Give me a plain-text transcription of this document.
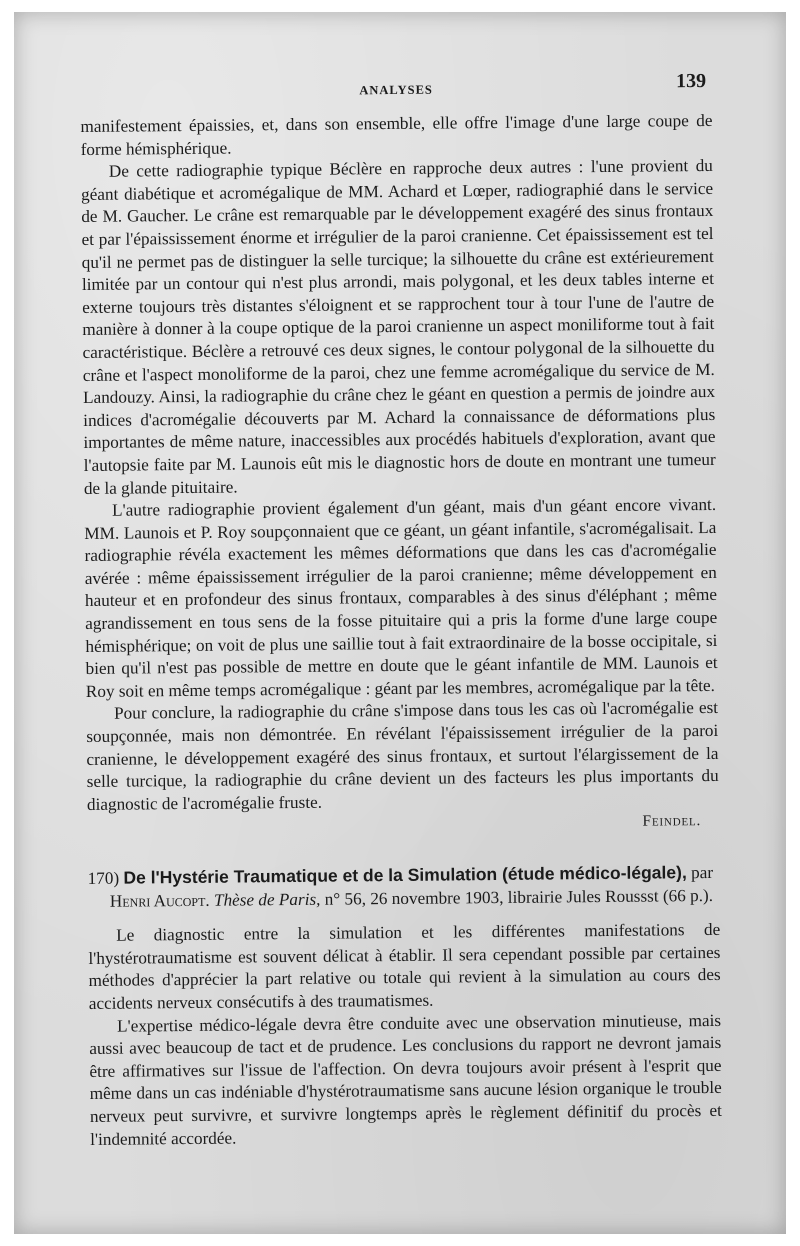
ANALYSES	139

manifestement épaissies, et, dans son ensemble, elle offre l'image d'une large coupe de forme hémisphérique.

De cette radiographie typique Béclère en rapproche deux autres : l'une provient du géant diabétique et acromégalique de MM. Achard et Lœper, radiographié dans le service de M. Gaucher. Le crâne est remarquable par le développement exagéré des sinus frontaux et par l'épaississement énorme et irrégulier de la paroi cranienne. Cet épaississement est tel qu'il ne permet pas de distinguer la selle turcique; la silhouette du crâne est extérieurement limitée par un contour qui n'est plus arrondi, mais polygonal, et les deux tables interne et externe toujours très distantes s'éloignent et se rapprochent tour à tour l'une de l'autre de manière à donner à la coupe optique de la paroi cranienne un aspect moniliforme tout à fait caractéristique. Béclère a retrouvé ces deux signes, le contour polygonal de la silhouette du crâne et l'aspect monoliforme de la paroi, chez une femme acromégalique du service de M. Landouzy. Ainsi, la radiographie du crâne chez le géant en question a permis de joindre aux indices d'acromégalie découverts par M. Achard la connaissance de déformations plus importantes de même nature, inaccessibles aux procédés habituels d'exploration, avant que l'autopsie faite par M. Launois eût mis le diagnostic hors de doute en montrant une tumeur de la glande pituitaire.

L'autre radiographie provient également d'un géant, mais d'un géant encore vivant. MM. Launois et P. Roy soupçonnaient que ce géant, un géant infantile, s'acromégalisait. La radiographie révéla exactement les mêmes déformations que dans les cas d'acromégalie avérée : même épaississement irrégulier de la paroi cranienne; même développement en hauteur et en profondeur des sinus frontaux, comparables à des sinus d'éléphant ; même agrandissement en tous sens de la fosse pituitaire qui a pris la forme d'une large coupe hémisphérique; on voit de plus une saillie tout à fait extraordinaire de la bosse occipitale, si bien qu'il n'est pas possible de mettre en doute que le géant infantile de MM. Launois et Roy soit en même temps acromégalique : géant par les membres, acromégalique par la tête.

Pour conclure, la radiographie du crâne s'impose dans tous les cas où l'acromégalie est soupçonnée, mais non démontrée. En révélant l'épaississement irrégulier de la paroi cranienne, le développement exagéré des sinus frontaux, et surtout l'élargissement de la selle turcique, la radiographie du crâne devient un des facteurs les plus importants du diagnostic de l'acromégalie fruste.

Feindel.

170) De l'Hystérie Traumatique et de la Simulation (étude médico-légale), par Henri Aucopt. Thèse de Paris, n° 56, 26 novembre 1903, librairie Jules Roussst (66 p.).

Le diagnostic entre la simulation et les différentes manifestations de l'hystérotraumatisme est souvent délicat à établir. Il sera cependant possible par certaines méthodes d'apprécier la part relative ou totale qui revient à la simulation au cours des accidents nerveux consécutifs à des traumatismes.

L'expertise médico-légale devra être conduite avec une observation minutieuse, mais aussi avec beaucoup de tact et de prudence. Les conclusions du rapport ne devront jamais être affirmatives sur l'issue de l'affection. On devra toujours avoir présent à l'esprit que même dans un cas indéniable d'hystérotraumatisme sans aucune lésion organique le trouble nerveux peut survivre, et survivre longtemps après le règlement définitif du procès et l'indemnité accordée.
